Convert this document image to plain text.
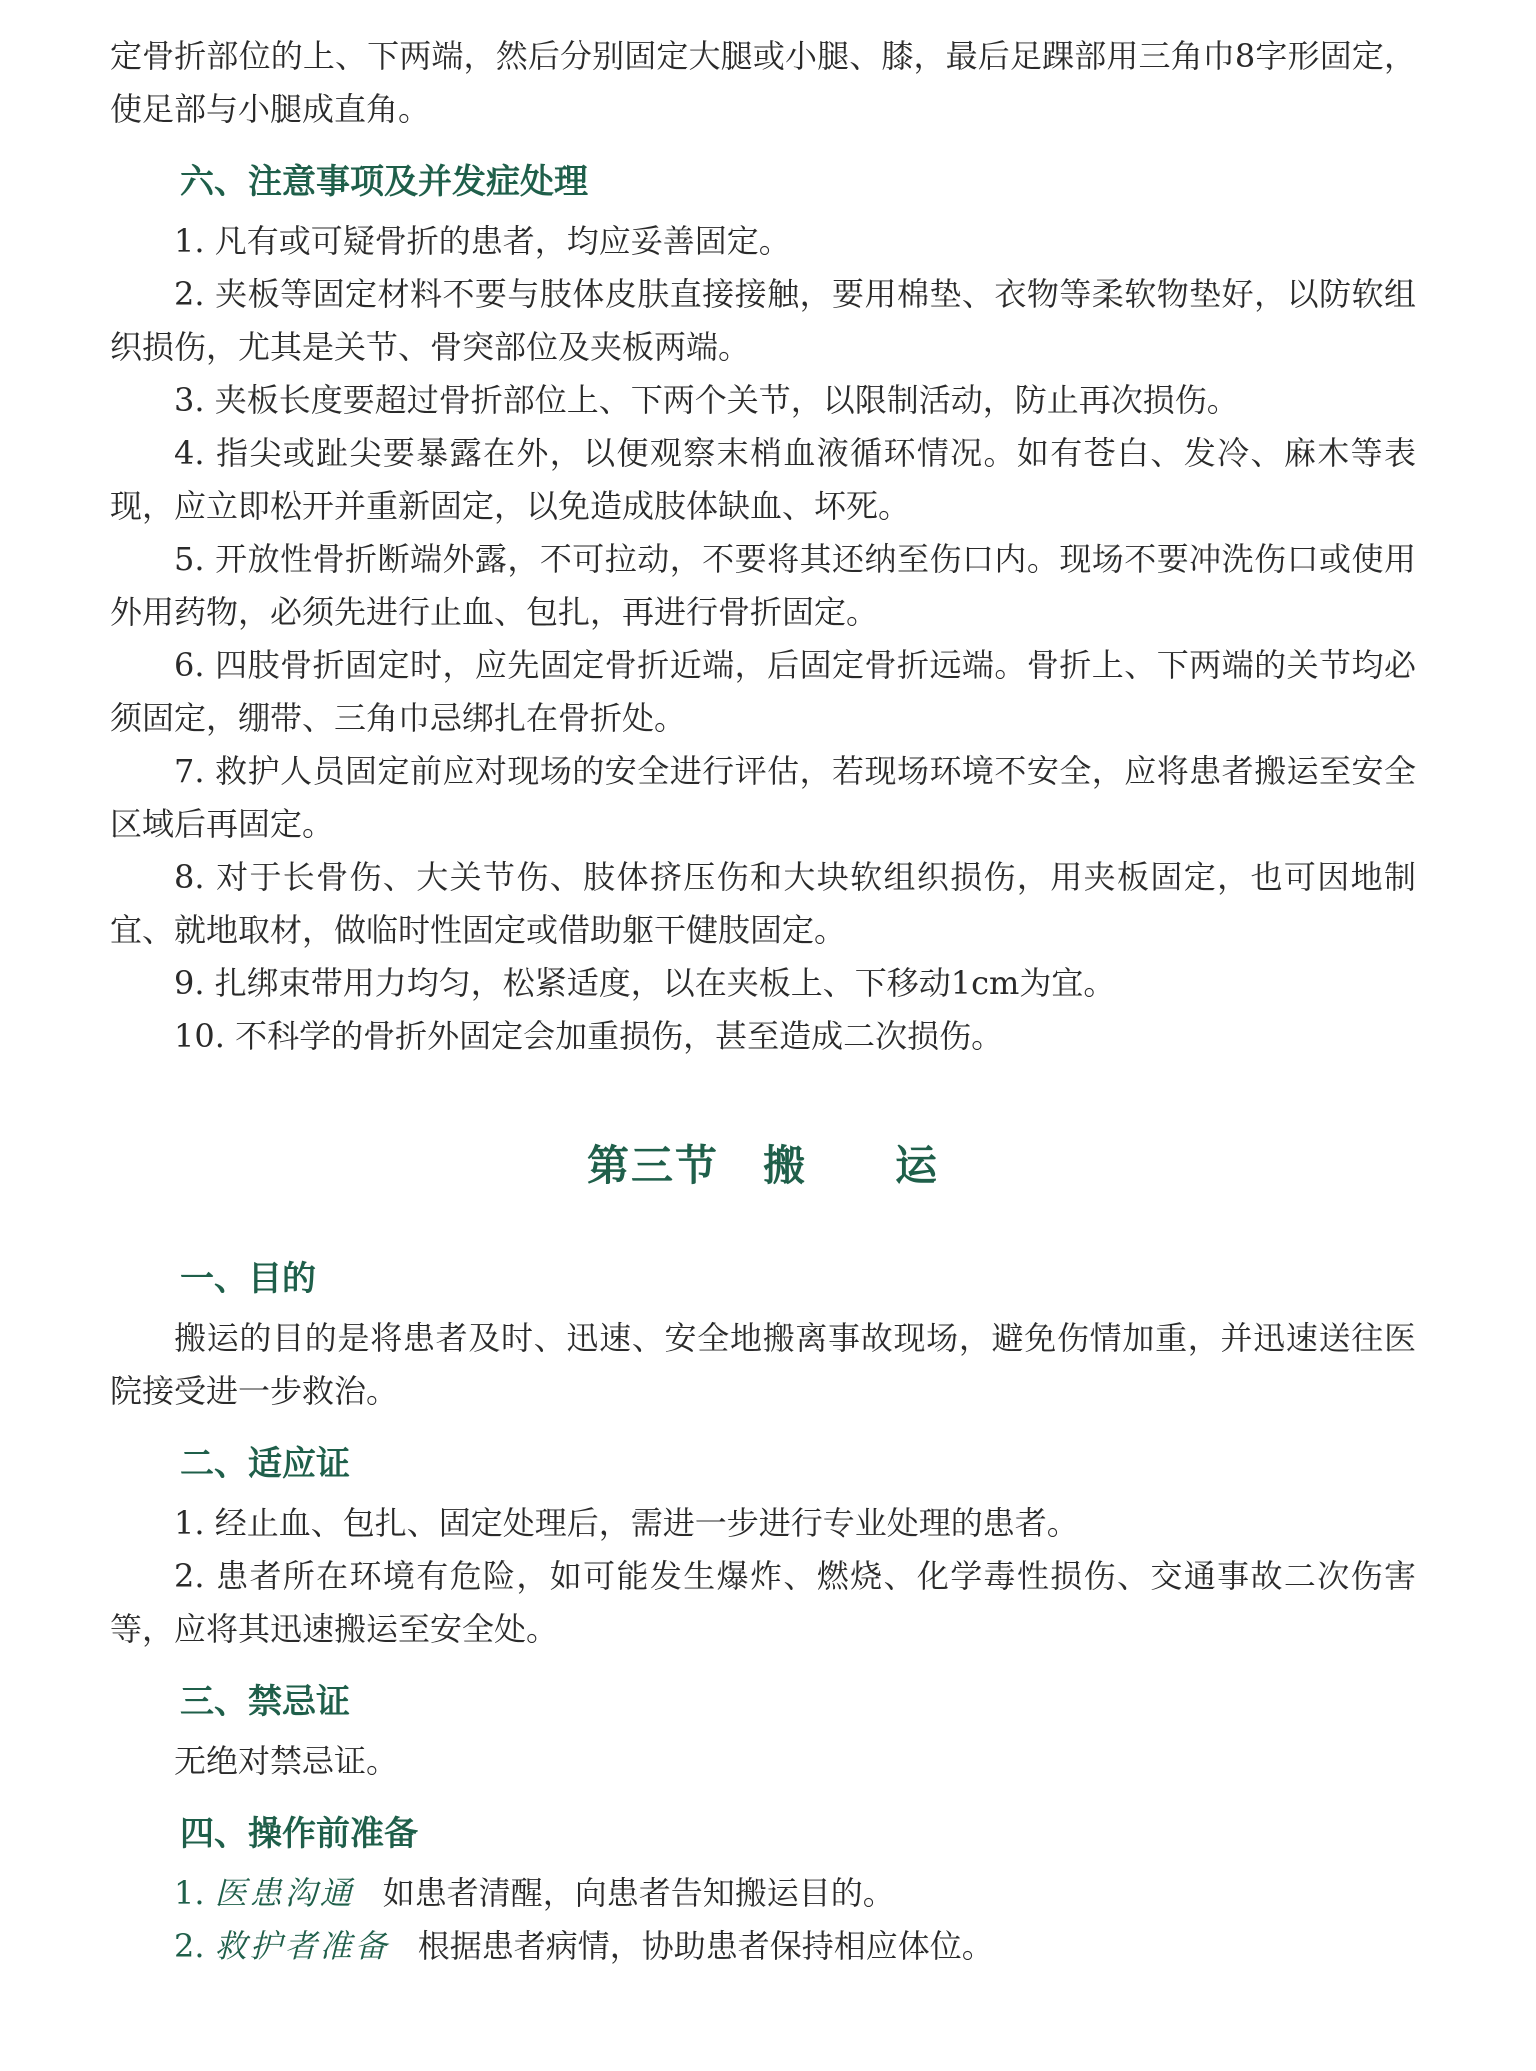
定骨折部位的上、下两端，然后分别固定大腿或小腿、膝，最后足踝部用三角巾8字形固定，使足部与小腿成直角。

六、注意事项及并发症处理

1. 凡有或可疑骨折的患者，均应妥善固定。

2. 夹板等固定材料不要与肢体皮肤直接接触，要用棉垫、衣物等柔软物垫好，以防软组织损伤，尤其是关节、骨突部位及夹板两端。

3. 夹板长度要超过骨折部位上、下两个关节，以限制活动，防止再次损伤。

4. 指尖或趾尖要暴露在外，以便观察末梢血液循环情况。如有苍白、发冷、麻木等表现，应立即松开并重新固定，以免造成肢体缺血、坏死。

5. 开放性骨折断端外露，不可拉动，不要将其还纳至伤口内。现场不要冲洗伤口或使用外用药物，必须先进行止血、包扎，再进行骨折固定。

6. 四肢骨折固定时，应先固定骨折近端，后固定骨折远端。骨折上、下两端的关节均必须固定，绷带、三角巾忌绑扎在骨折处。

7. 救护人员固定前应对现场的安全进行评估，若现场环境不安全，应将患者搬运至安全区域后再固定。

8. 对于长骨伤、大关节伤、肢体挤压伤和大块软组织损伤，用夹板固定，也可因地制宜、就地取材，做临时性固定或借助躯干健肢固定。

9. 扎绑束带用力均匀，松紧适度，以在夹板上、下移动1cm为宜。

10. 不科学的骨折外固定会加重损伤，甚至造成二次损伤。

第三节　搬　　运

一、目的

搬运的目的是将患者及时、迅速、安全地搬离事故现场，避免伤情加重，并迅速送往医院接受进一步救治。

二、适应证

1. 经止血、包扎、固定处理后，需进一步进行专业处理的患者。

2. 患者所在环境有危险，如可能发生爆炸、燃烧、化学毒性损伤、交通事故二次伤害等，应将其迅速搬运至安全处。

三、禁忌证

无绝对禁忌证。

四、操作前准备

1. 医患沟通 如患者清醒，向患者告知搬运目的。

2. 救护者准备 根据患者病情，协助患者保持相应体位。
